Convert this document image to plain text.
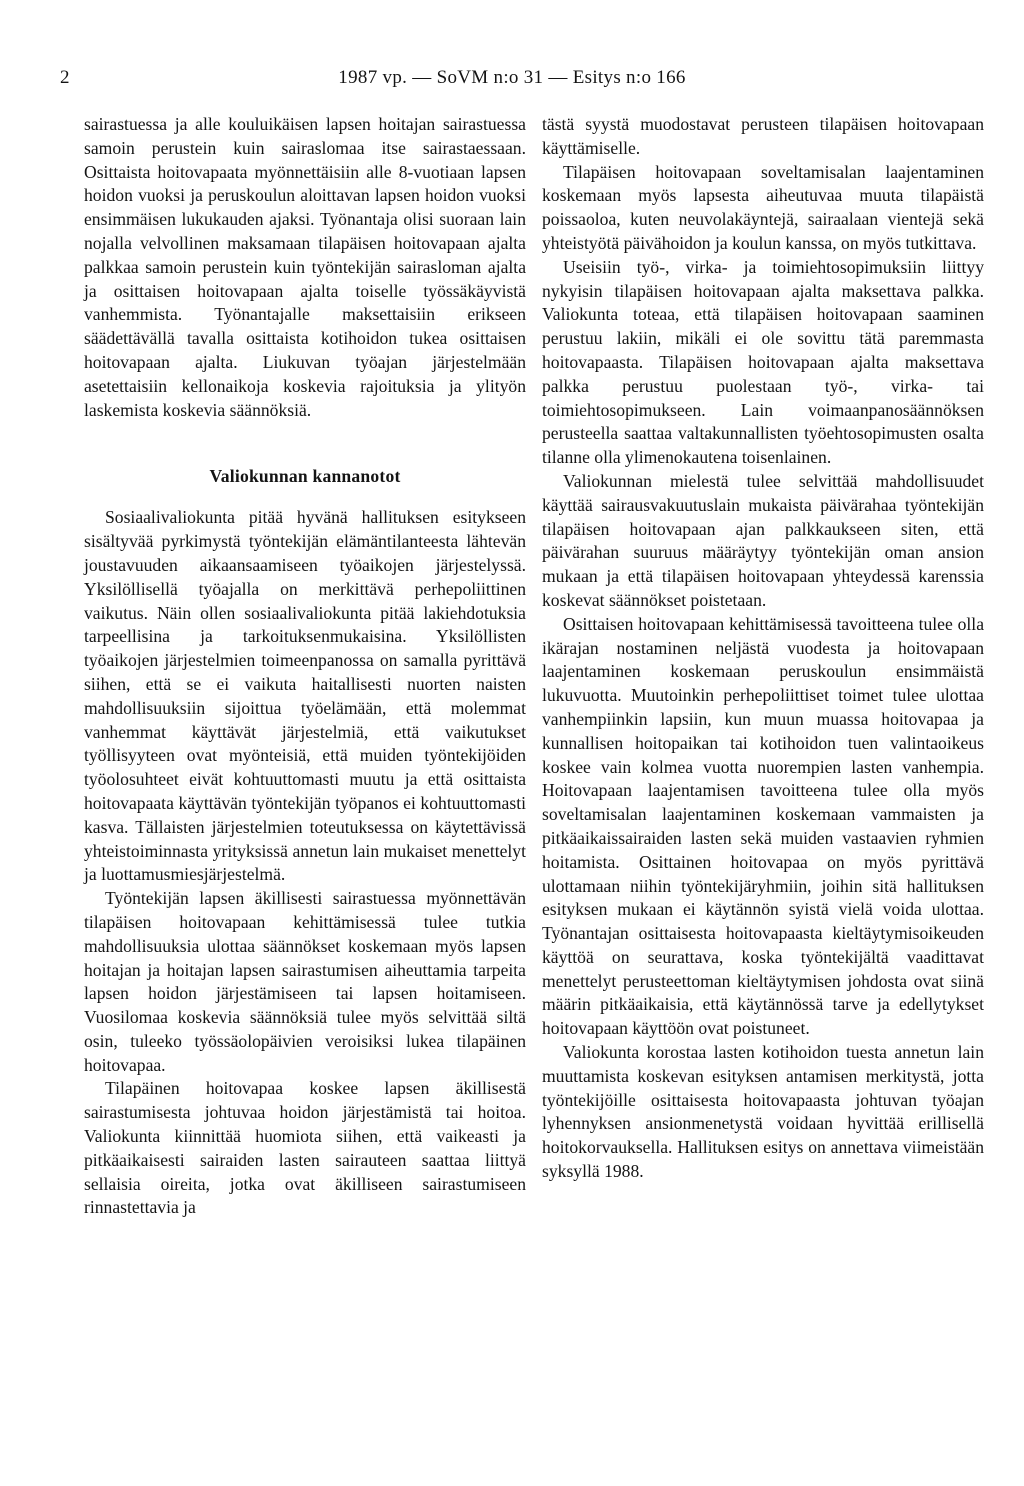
2	1987 vp. — SoVM n:o 31 — Esitys n:o 166

sairastuessa ja alle kouluikäisen lapsen hoitajan sairastuessa samoin perustein kuin sairaslomaa itse sairastaessaan. Osittaista hoitovapaata myönnettäisiin alle 8-vuotiaan lapsen hoidon vuoksi ja peruskoulun aloittavan lapsen hoidon vuoksi ensimmäisen lukukauden ajaksi. Työnantaja olisi suoraan lain nojalla velvollinen maksamaan tilapäisen hoitovapaan ajalta palkkaa samoin perustein kuin työntekijän sairasloman ajalta ja osittaisen hoitovapaan ajalta toiselle työssäkäyvistä vanhemmista. Työnantajalle maksettaisiin erikseen säädettävällä tavalla osittaista kotihoidon tukea osittaisen hoitovapaan ajalta. Liukuvan työajan järjestelmään asetettaisiin kellonaikoja koskevia rajoituksia ja ylityön laskemista koskevia säännöksiä.

Valiokunnan kannanotot

Sosiaalivaliokunta pitää hyvänä hallituksen esitykseen sisältyvää pyrkimystä työntekijän elämäntilanteesta lähtevän joustavuuden aikaansaamiseen työaikojen järjestelyssä. Yksilöllisellä työajalla on merkittävä perhepoliittinen vaikutus. Näin ollen sosiaalivaliokunta pitää lakiehdotuksia tarpeellisina ja tarkoituksenmukaisina. Yksilöllisten työaikojen järjestelmien toimeenpanossa on samalla pyrittävä siihen, että se ei vaikuta haitallisesti nuorten naisten mahdollisuuksiin sijoittua työelämään, että molemmat vanhemmat käyttävät järjestelmiä, että vaikutukset työllisyyteen ovat myönteisiä, että muiden työntekijöiden työolosuhteet eivät kohtuuttomasti muutu ja että osittaista hoitovapaata käyttävän työntekijän työpanos ei kohtuuttomasti kasva. Tällaisten järjestelmien toteutuksessa on käytettävissä yhteistoiminnasta yrityksissä annetun lain mukaiset menettelyt ja luottamusmiesjärjestelmä.

Työntekijän lapsen äkillisesti sairastuessa myönnettävän tilapäisen hoitovapaan kehittämisessä tulee tutkia mahdollisuuksia ulottaa säännökset koskemaan myös lapsen hoitajan ja hoitajan lapsen sairastumisen aiheuttamia tarpeita lapsen hoidon järjestämiseen tai lapsen hoitamiseen. Vuosilomaa koskevia säännöksiä tulee myös selvittää siltä osin, tuleeko työssäolopäivien veroisiksi lukea tilapäinen hoitovapaa.

Tilapäinen hoitovapaa koskee lapsen äkillisestä sairastumisesta johtuvaa hoidon järjestämistä tai hoitoa. Valiokunta kiinnittää huomiota siihen, että vaikeasti ja pitkäaikaisesti sairaiden lasten sairauteen saattaa liittyä sellaisia oireita, jotka ovat äkilliseen sairastumiseen rinnastettavia ja

tästä syystä muodostavat perusteen tilapäisen hoitovapaan käyttämiselle.

Tilapäisen hoitovapaan soveltamisalan laajentaminen koskemaan myös lapsesta aiheutuvaa muuta tilapäistä poissaoloa, kuten neuvolakäyntejä, sairaalaan vientejä sekä yhteistyötä päivähoidon ja koulun kanssa, on myös tutkittava.

Useisiin työ-, virka- ja toimiehtosopimuksiin liittyy nykyisin tilapäisen hoitovapaan ajalta maksettava palkka. Valiokunta toteaa, että tilapäisen hoitovapaan saaminen perustuu lakiin, mikäli ei ole sovittu tätä paremmasta hoitovapaasta. Tilapäisen hoitovapaan ajalta maksettava palkka perustuu puolestaan työ-, virka- tai toimiehtosopimukseen. Lain voimaanpanosäännöksen perusteella saattaa valtakunnallisten työehtosopimusten osalta tilanne olla ylimenokautena toisenlainen.

Valiokunnan mielestä tulee selvittää mahdollisuudet käyttää sairausvakuutuslain mukaista päivärahaa työntekijän tilapäisen hoitovapaan ajan palkkaukseen siten, että päivärahan suuruus määräytyy työntekijän oman ansion mukaan ja että tilapäisen hoitovapaan yhteydessä karenssia koskevat säännökset poistetaan.

Osittaisen hoitovapaan kehittämisessä tavoitteena tulee olla ikärajan nostaminen neljästä vuodesta ja hoitovapaan laajentaminen koskemaan peruskoulun ensimmäistä lukuvuotta. Muutoinkin perhepoliittiset toimet tulee ulottaa vanhempiinkin lapsiin, kun muun muassa hoitovapaa ja kunnallisen hoitopaikan tai kotihoidon tuen valintaoikeus koskee vain kolmea vuotta nuorempien lasten vanhempia. Hoitovapaan laajentamisen tavoitteena tulee olla myös soveltamisalan laajentaminen koskemaan vammaisten ja pitkäaikaissairaiden lasten sekä muiden vastaavien ryhmien hoitamista. Osittainen hoitovapaa on myös pyrittävä ulottamaan niihin työntekijäryhmiin, joihin sitä hallituksen esityksen mukaan ei käytännön syistä vielä voida ulottaa. Työnantajan osittaisesta hoitovapaasta kieltäytymisoikeuden käyttöä on seurattava, koska työntekijältä vaadittavat menettelyt perusteettoman kieltäytymisen johdosta ovat siinä määrin pitkäaikaisia, että käytännössä tarve ja edellytykset hoitovapaan käyttöön ovat poistuneet.

Valiokunta korostaa lasten kotihoidon tuesta annetun lain muuttamista koskevan esityksen antamisen merkitystä, jotta työntekijöille osittaisesta hoitovapaasta johtuvan työajan lyhennyksen ansionmenetystä voidaan hyvittää erillisellä hoitokorvauksella. Hallituksen esitys on annettava viimeistään syksyllä 1988.
